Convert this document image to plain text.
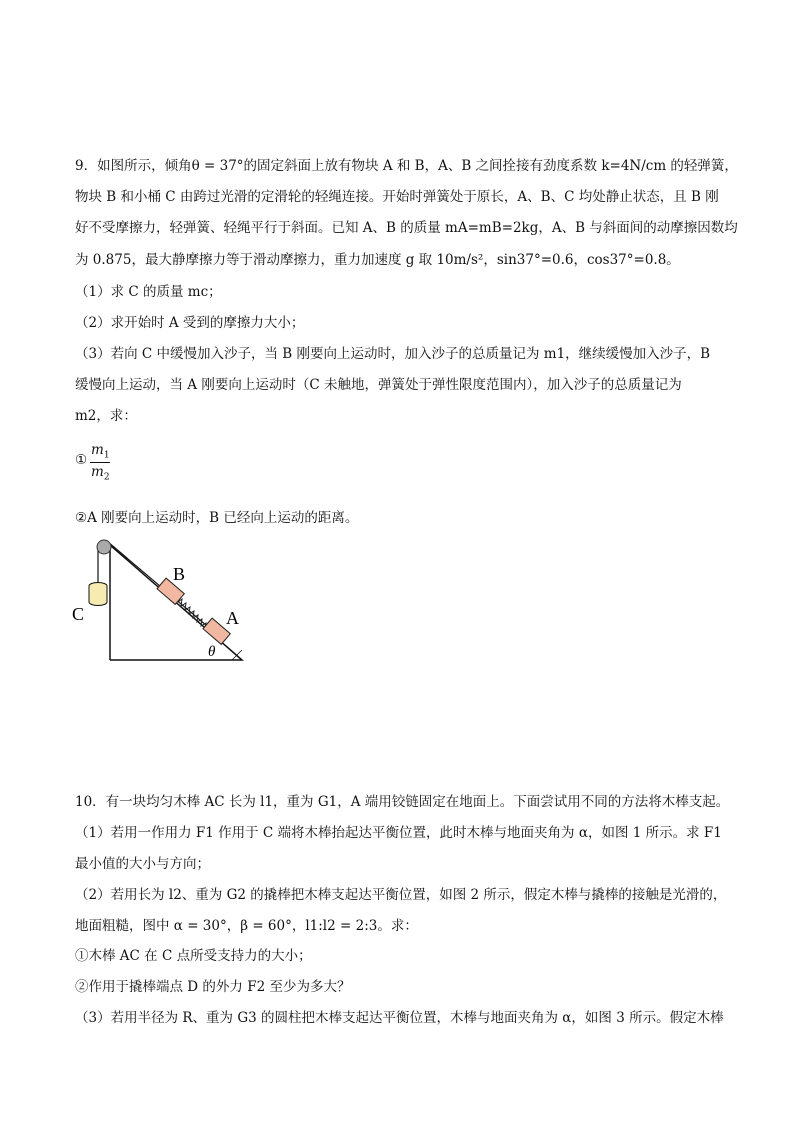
9．如图所示，倾角θ = 37°的固定斜面上放有物块 A 和 B，A、B 之间拴接有劲度系数 k=4N/cm 的轻弹簧，
物块 B 和小桶 C 由跨过光滑的定滑轮的轻绳连接。开始时弹簧处于原长，A、B、C 均处静止状态，且 B 刚
好不受摩擦力，轻弹簧、轻绳平行于斜面。已知 A、B 的质量 mA=mB=2kg，A、B 与斜面间的动摩擦因数均
为 0.875，最大静摩擦力等于滑动摩擦力，重力加速度 g 取 10m/s²，sin37°=0.6，cos37°=0.8。
（1）求 C 的质量 mc；
（2）求开始时 A 受到的摩擦力大小；
（3）若向 C 中缓慢加入沙子，当 B 刚要向上运动时，加入沙子的总质量记为 m1，继续缓慢加入沙子，B
缓慢向上运动，当 A 刚要向上运动时（C 未触地，弹簧处于弹性限度范围内），加入沙子的总质量记为
m2，求：
①
$m_1$
$m_2$
②A 刚要向上运动时，B 已经向上运动的距离。
B
A
C
θ
10．有一块均匀木棒 AC 长为 l1，重为 G1，A 端用铰链固定在地面上。下面尝试用不同的方法将木棒支起。
（1）若用一作用力 F1 作用于 C 端将木棒抬起达平衡位置，此时木棒与地面夹角为 α，如图 1 所示。求 F1
最小值的大小与方向；
（2）若用长为 l2、重为 G2 的撬棒把木棒支起达平衡位置，如图 2 所示，假定木棒与撬棒的接触是光滑的，
地面粗糙，图中 α = 30°，β = 60°，l1:l2 = 2:3。求：
①木棒 AC 在 C 点所受支持力的大小；
②作用于撬棒端点 D 的外力 F2 至少为多大？
（3）若用半径为 R、重为 G3 的圆柱把木棒支起达平衡位置，木棒与地面夹角为 α，如图 3 所示。假定木棒
